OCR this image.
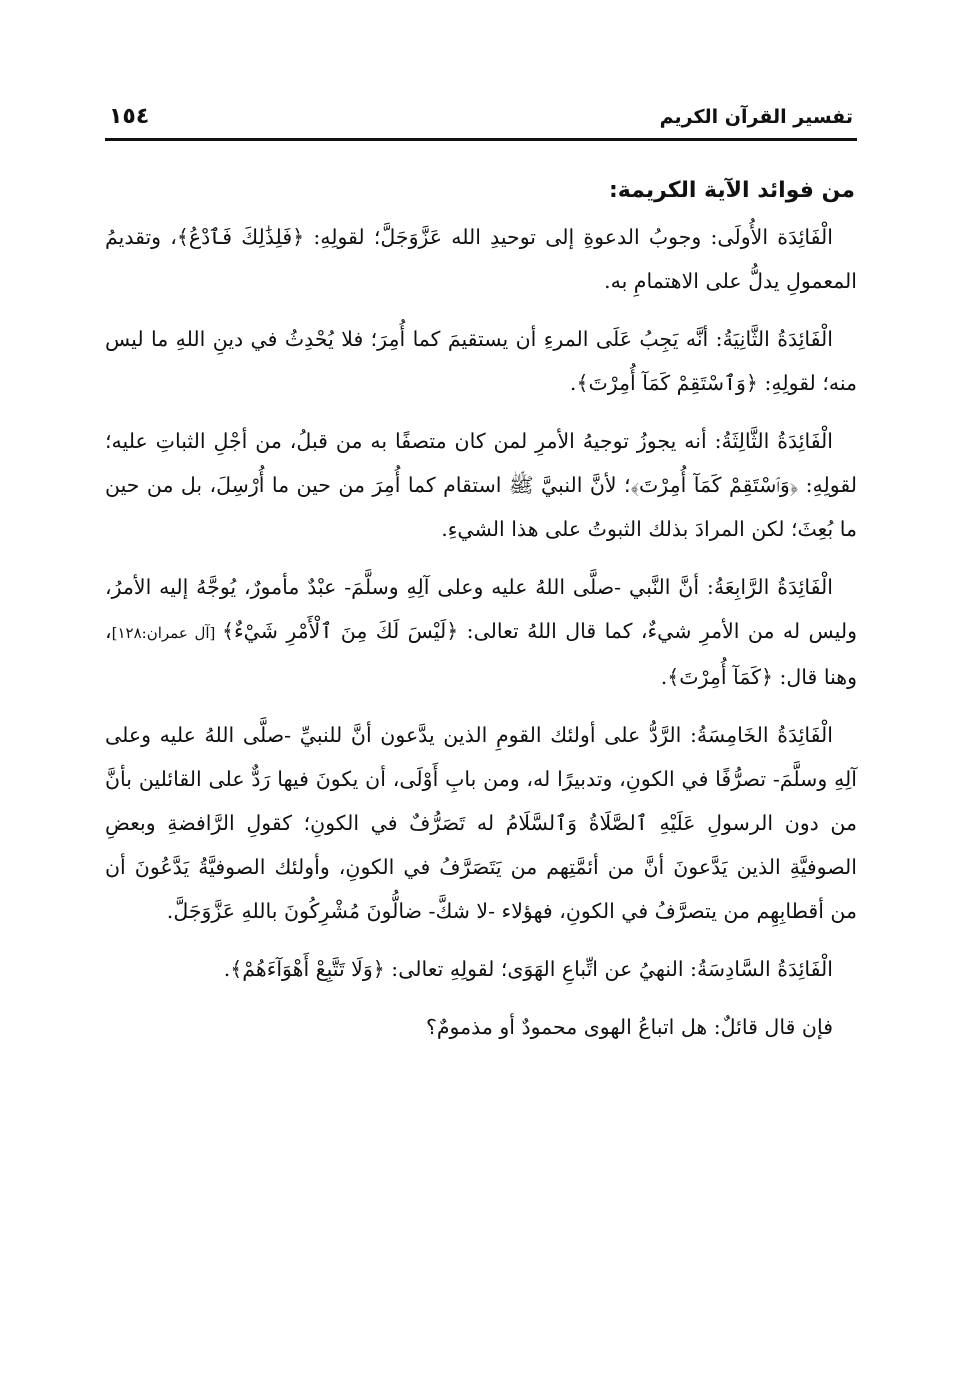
تفسير القرآن الكريم
١٥٤
من فوائد الآية الكريمة:

الْفَائِدَة الأُولَى: وجوبُ الدعوةِ إلى توحيدِ الله عَزَّوَجَلَّ؛ لقولِهِ: ﴿فَلِذَٰلِكَ فَٱدْعُ﴾، وتقديمُ المعمولِ يدلُّ على الاهتمامِ به.

الْفَائِدَةُ الثَّانِيَةُ: أنَّه يَجِبُ عَلَى المرءِ أن يستقيمَ كما أُمِرَ؛ فلا يُحْدِثُ في دينِ اللهِ ما ليس منه؛ لقولِهِ: ﴿وَٱسْتَقِمْ كَمَآ أُمِرْتَ﴾.

الْفَائِدَةُ الثَّالِثَةُ: أنه يجوزُ توجيهُ الأمرِ لمن كان متصفًا به من قبلُ، من أجْلِ الثباتِ عليه؛ لقولِهِ: ﴿وَٱسْتَقِمْ كَمَآ أُمِرْتَ﴾؛ لأنَّ النبيَّ ﷺ استقام كما أُمِرَ من حين ما أُرْسِلَ، بل من حين ما بُعِثَ؛ لكن المرادَ بذلك الثبوتُ على هذا الشيءِ.

الْفَائِدَةُ الرَّابِعَةُ: أنَّ النَّبي -صلَّى اللهُ عليه وعلى آلِهِ وسلَّمَ- عبْدٌ مأمورٌ، يُوجَّهُ إليه الأمرُ، وليس له من الأمرِ شيءٌ، كما قال اللهُ تعالى: ﴿لَيْسَ لَكَ مِنَ ٱلْأَمْرِ شَيْءٌ﴾ [آل عمران:١٢٨]، وهنا قال: ﴿كَمَآ أُمِرْتَ﴾.

الْفَائِدَةُ الخَامِسَةُ: الرَّدُّ على أولئك القومِ الذين يدَّعون أنَّ للنبيِّ -صلَّى اللهُ عليه وعلى آلِهِ وسلَّمَ- تصرُّفًا في الكونِ، وتدبيرًا له، ومن بابِ أَوْلَى، أن يكونَ فيها رَدٌّ على القائلين بأنَّ من دون الرسولِ عَلَيْهِ ٱلصَّلَاةُ وَٱلسَّلَامُ له تَصَرُّفٌ في الكونِ؛ كقولِ الرَّافضةِ وبعضِ الصوفيَّةِ الذين يَدَّعونَ أنَّ من أئمَّتِهم من يَتَصَرَّفُ في الكونِ، وأولئك الصوفيَّةُ يَدَّعُونَ أن من أقطابِهِم من يتصرَّفُ في الكونِ، فهؤلاء -لا شكَّ- ضالُّونَ مُشْرِكُونَ باللهِ عَزَّوَجَلَّ.

الْفَائِدَةُ السَّادِسَةُ: النهيُ عن اتِّباعِ الهَوَى؛ لقولِهِ تعالى: ﴿وَلَا تَتَّبِعْ أَهْوَآءَهُمْ﴾.

فإن قال قائلٌ: هل اتباعُ الهوى محمودٌ أو مذمومٌ؟
